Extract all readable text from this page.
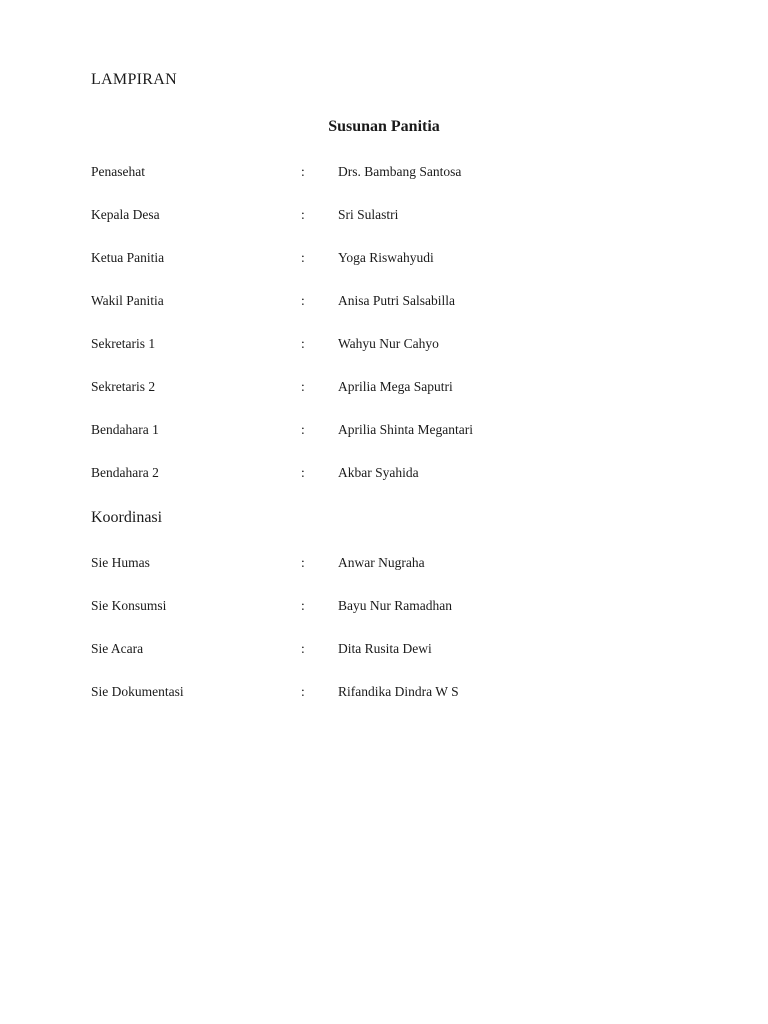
LAMPIRAN
Susunan Panitia
Penasehat	: Drs. Bambang Santosa
Kepala Desa	: Sri Sulastri
Ketua Panitia	: Yoga Riswahyudi
Wakil Panitia	: Anisa Putri Salsabilla
Sekretaris 1	: Wahyu Nur Cahyo
Sekretaris 2	: Aprilia Mega Saputri
Bendahara 1	: Aprilia Shinta Megantari
Bendahara 2	: Akbar Syahida
Koordinasi
Sie Humas	: Anwar Nugraha
Sie Konsumsi	: Bayu Nur Ramadhan
Sie Acara	: Dita Rusita Dewi
Sie Dokumentasi	: Rifandika Dindra W S
